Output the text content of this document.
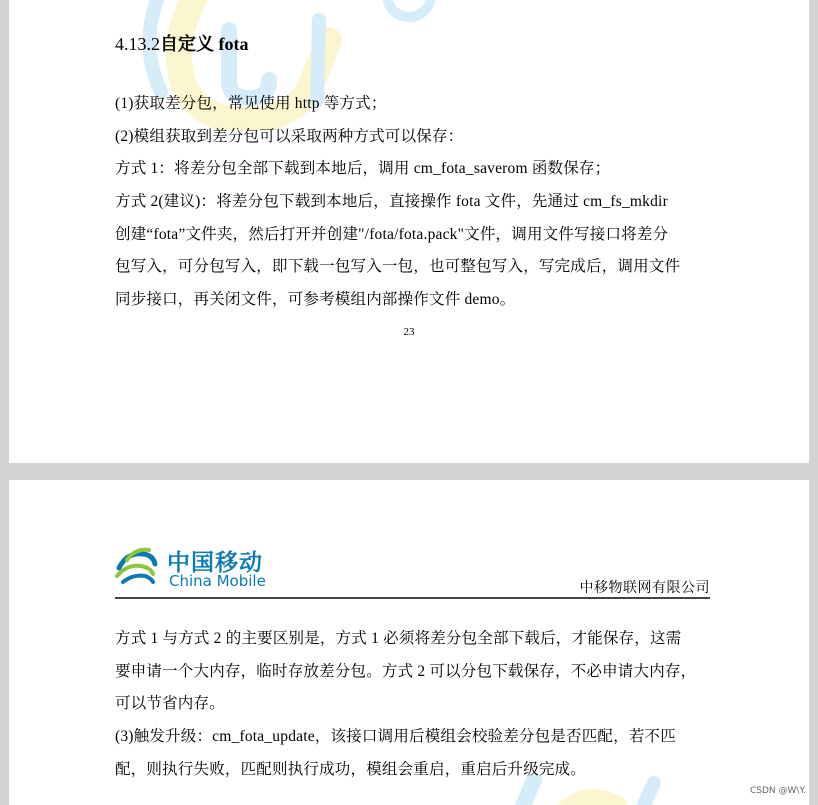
4.13.2自定义 fota
(1)获取差分包，常见使用 http 等方式；
(2)模组获取到差分包可以采取两种方式可以保存：
方式 1：将差分包全部下载到本地后，调用 cm_fota_saverom 函数保存；
方式 2(建议)：将差分包下载到本地后，直接操作 fota 文件，先通过 cm_fs_mkdir
创建“fota”文件夹，然后打开并创建"/fota/fota.pack"文件，调用文件写接口将差分
包写入，可分包写入，即下载一包写入一包，也可整包写入，写完成后，调用文件
同步接口，再关闭文件，可参考模组内部操作文件 demo。
23
中国移动
China Mobile	中移物联网有限公司
方式 1 与方式 2 的主要区别是，方式 1 必须将差分包全部下载后，才能保存，这需
要申请一个大内存，临时存放差分包。方式 2 可以分包下载保存，不必申请大内存，
可以节省内存。
(3)触发升级：cm_fota_update，该接口调用后模组会校验差分包是否匹配，若不匹
配，则执行失败，匹配则执行成功，模组会重启，重启后升级完成。
CSDN @W\Y.
